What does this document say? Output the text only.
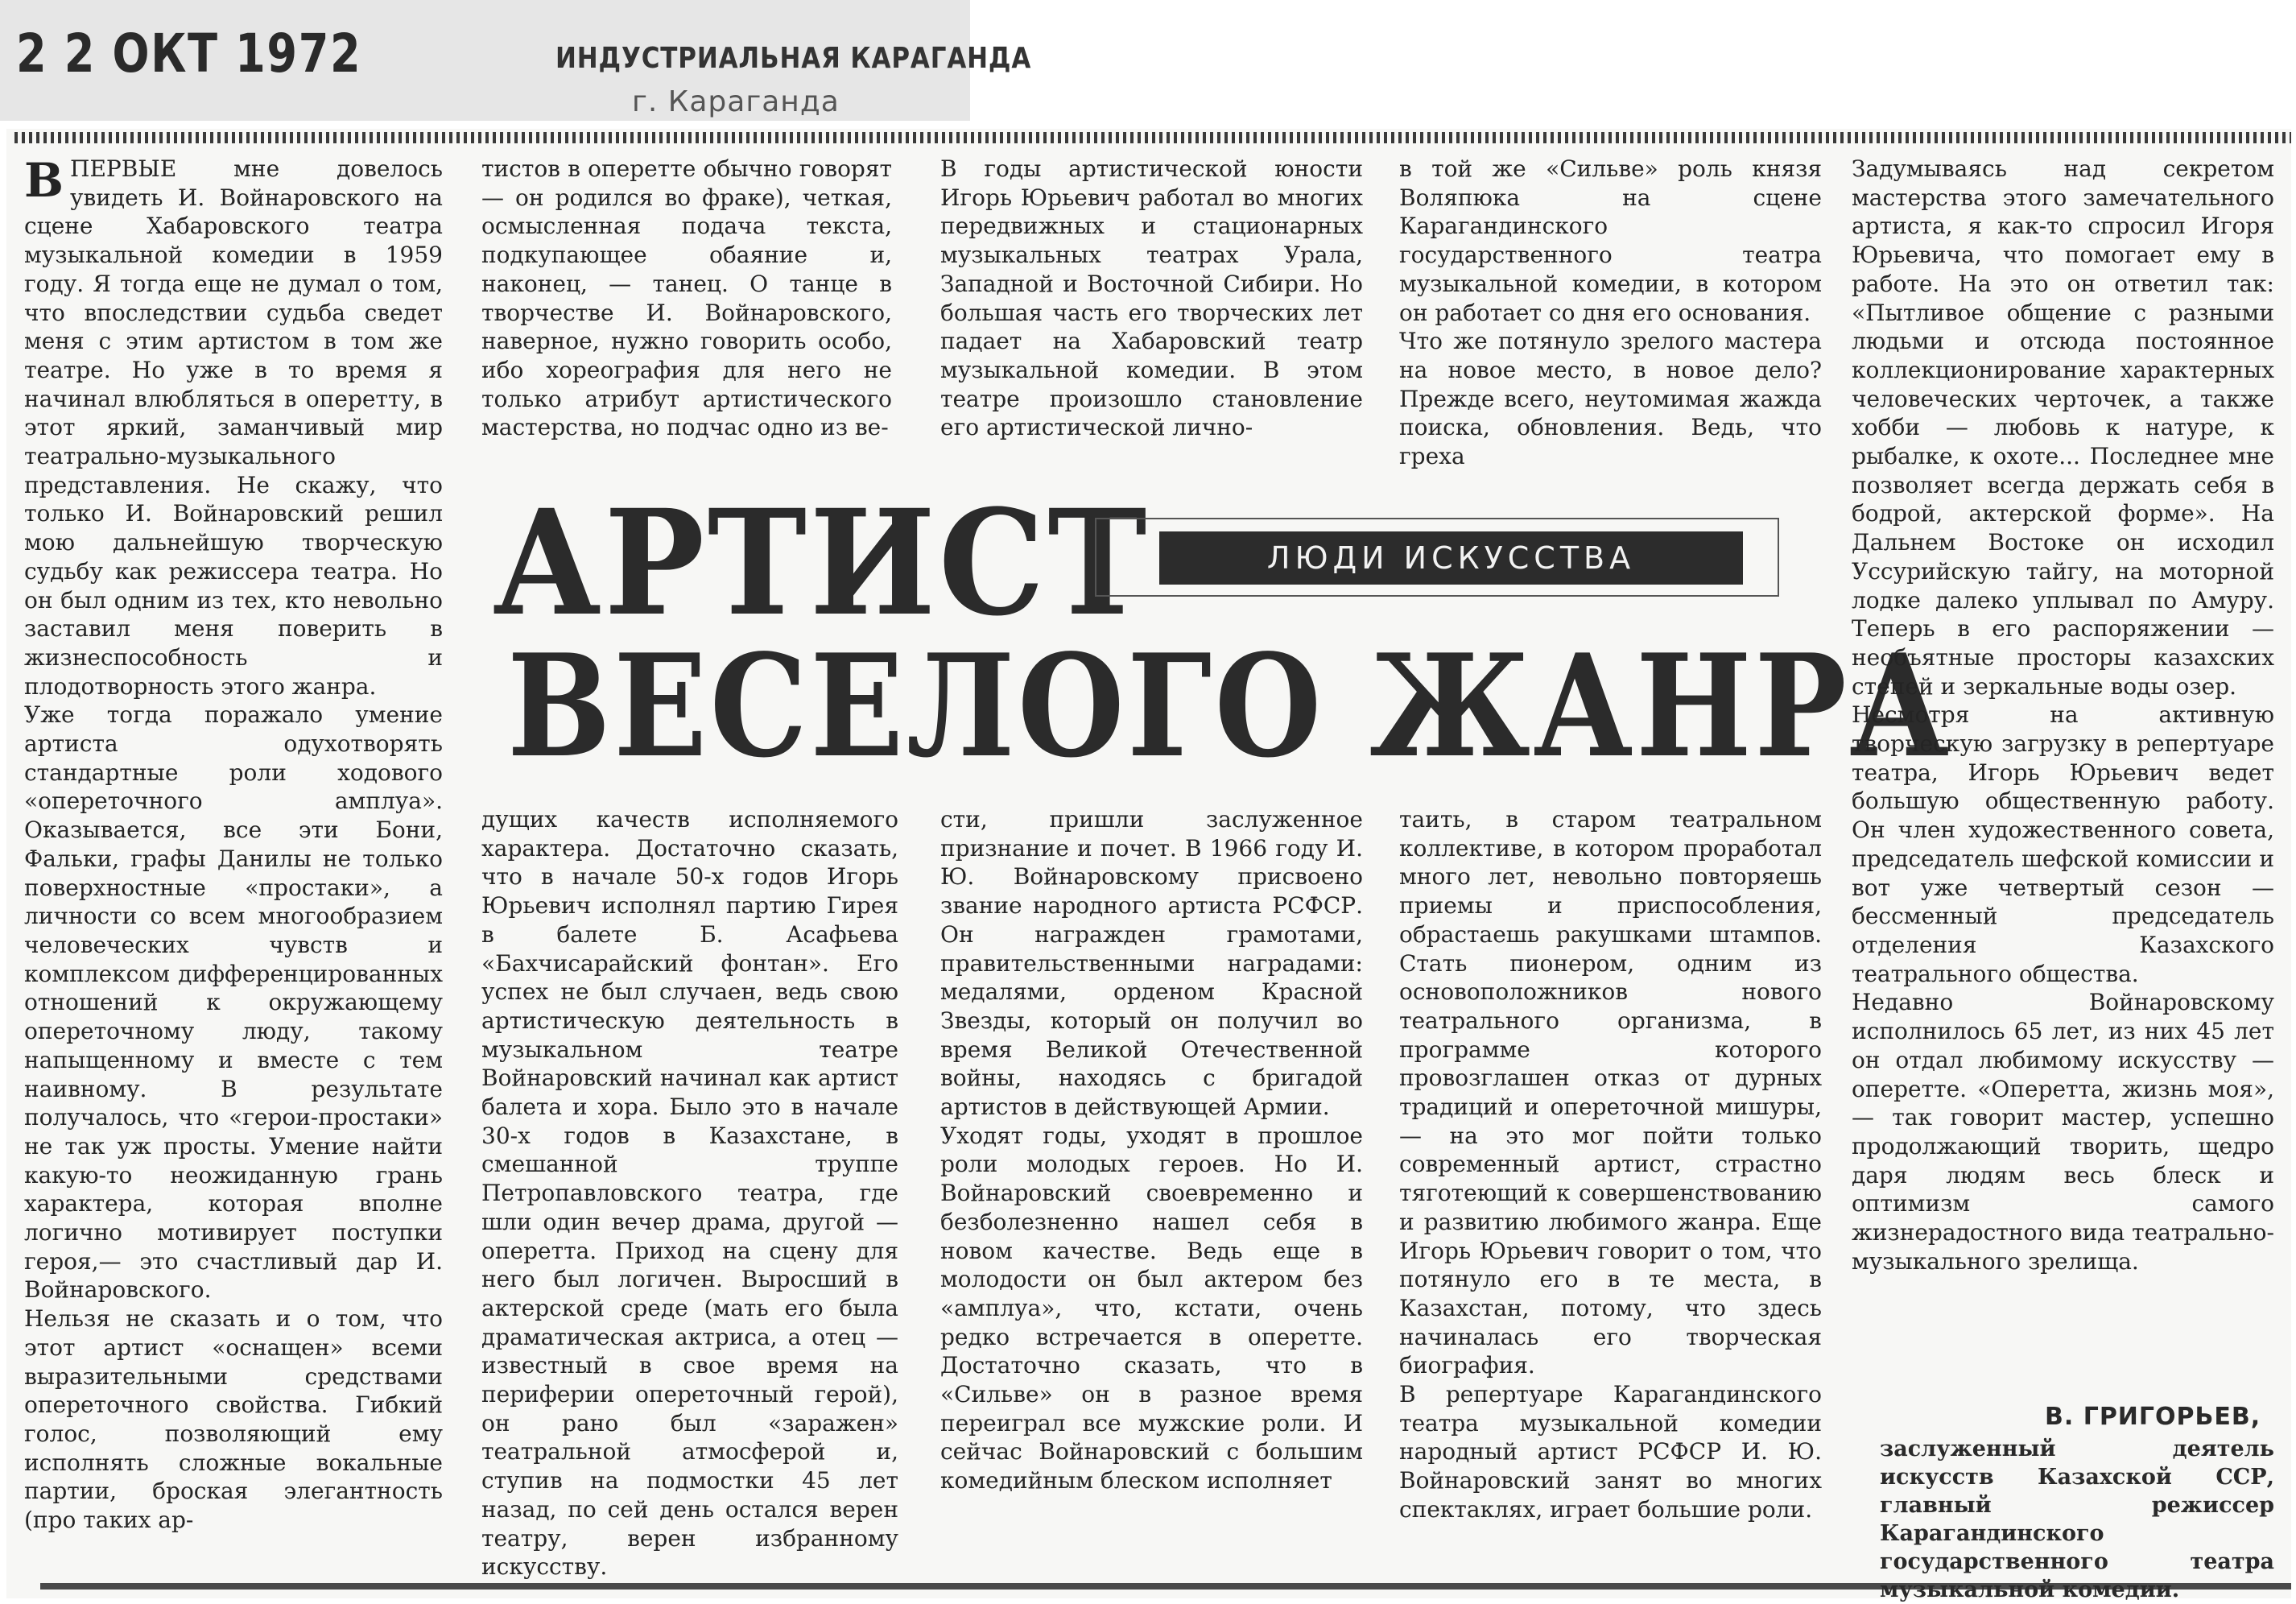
2 2 ОКТ 1972	ИНДУСТРИАЛЬНАЯ КАРАГАНДА
г. Караганда
ВПЕРВЫЕ мне довелось увидеть И. Войнаровского на сцене Хабаровского театра музыкальной комедии в 1959 году. Я тогда еще не думал о том, что впоследствии судьба сведет меня с этим артистом в том же театре. Но уже в то время я начинал влюбляться в оперетту, в этот яркий, заманчивый мир театрально-музыкального представления. Не скажу, что только И. Войнаровский решил мою дальнейшую творческую судьбу как режиссера театра. Но он был одним из тех, кто невольно заставил меня поверить в жизнеспособность и плодотворность этого жанра.
Уже тогда поражало умение артиста одухотворять стандартные роли ходового «опереточного амплуа». Оказывается, все эти Бони, Фальки, графы Данилы не только поверхностные «простаки», а личности со всем многообразием человеческих чувств и комплексом дифференцированных отношений к окружающему опереточному люду, такому напыщенному и вместе с тем наивному. В результате получалось, что «герои-простаки» не так уж просты. Умение найти какую-то неожиданную грань характера, которая вполне логично мотивирует поступки героя,— это счастливый дар И. Войнаровского.
Нельзя не сказать и о том, что этот артист «оснащен» всеми выразительными средствами опереточного свойства. Гибкий голос, позволяющий ему исполнять сложные вокальные партии, броская элегантность (про таких ар-

тистов в оперетте обычно говорят — он родился во фраке), четкая, осмысленная подача текста, подкупающее обаяние и, наконец, — танец. О танце в творчестве И. Войнаровского, наверное, нужно говорить особо, ибо хореография для него не только атрибут артистического мастерства, но подчас одно из ве-

В годы артистической юности Игорь Юрьевич работал во многих передвижных и стационарных музыкальных театрах Урала, Западной и Восточной Сибири. Но большая часть его творческих лет падает на Хабаровский театр музыкальной комедии. В этом театре произошло становление его артистической лично-

в той же «Сильве» роль князя Воляпюка на сцене Карагандинского государственного театра музыкальной комедии, в котором он работает со дня его основания.
Что же потянуло зрелого мастера на новое место, в новое дело? Прежде всего, неутомимая жажда поиска, обновления. Ведь, что греха

АРТИСТ	ЛЮДИ ИСКУССТВА
ВЕСЕЛОГО ЖАНРА

дущих качеств исполняемого характера. Достаточно сказать, что в начале 50-х годов Игорь Юрьевич исполнял партию Гирея в балете Б. Асафьева «Бахчисарайский фонтан». Его успех не был случаен, ведь свою артистическую деятельность в музыкальном театре Войнаровский начинал как артист балета и хора. Было это в начале 30-х годов в Казахстане, в смешанной труппе Петропавловского театра, где шли один вечер драма, другой —оперетта. Приход на сцену для него был логичен. Выросший в актерской среде (мать его была драматическая актриса, а отец — известный в свое время на периферии опереточный герой), он рано был «заражен» театральной атмосферой и, ступив на подмостки 45 лет назад, по сей день остался верен театру, верен избранному искусству.

сти, пришли заслуженное признание и почет. В 1966 году И. Ю. Войнаровскому присвоено звание народного артиста РСФСР. Он награжден грамотами, правительственными наградами: медалями, орденом Красной Звезды, который он получил во время Великой Отечественной войны, находясь с бригадой артистов в действующей Армии.
Уходят годы, уходят в прошлое роли молодых героев. Но И. Войнаровский своевременно и безболезненно нашел себя в новом качестве. Ведь еще в молодости он был актером без «амплуа», что, кстати, очень редко встречается в оперетте. Достаточно сказать, что в «Сильве» он в разное время переиграл все мужские роли. И сейчас Войнаровский с большим комедийным блеском исполняет

таить, в старом театральном коллективе, в котором проработал много лет, невольно повторяешь приемы и приспособления, обрастаешь ракушками штампов. Стать пионером, одним из основоположников нового театрального организма, в программе которого провозглашен отказ от дурных традиций и опереточной мишуры, — на это мог пойти только современный артист, страстно тяготеющий к совершенствованию и развитию любимого жанра. Еще Игорь Юрьевич говорит о том, что потянуло его в те места, в Казахстан, потому, что здесь начиналась его творческая биография.
В репертуаре Карагандинского театра музыкальной комедии народный артист РСФСР И. Ю. Войнаровский занят во многих спектаклях, играет большие роли.

Задумываясь над секретом мастерства этого замечательного артиста, я как-то спросил Игоря Юрьевича, что помогает ему в работе. На это он ответил так: «Пытливое общение с разными людьми и отсюда постоянное коллекционирование характерных человеческих черточек, а также хобби — любовь к натуре, к рыбалке, к охоте... Последнее мне позволяет всегда держать себя в бодрой, актерской форме». На Дальнем Востоке он исходил Уссурийскую тайгу, на моторной лодке далеко уплывал по Амуру. Теперь в его распоряжении — необъятные просторы казахских степей и зеркальные воды озер.
Несмотря на активную творческую загрузку в репертуаре театра, Игорь Юрьевич ведет большую общественную работу. Он член художественного совета, председатель шефской комиссии и вот уже четвертый сезон — бессменный председатель отделения Казахского театрального общества.
Недавно Войнаровскому исполнилось 65 лет, из них 45 лет он отдал любимому искусству — оперетте. «Оперетта, жизнь моя», — так говорит мастер, успешно продолжающий творить, щедро даря людям весь блеск и оптимизм самого жизнерадостного вида театрально-музыкального зрелища.

В. ГРИГОРЬЕВ,

заслуженный деятель искусств Казахской ССР, главный режиссер Карагандинского государственного театра музыкальной комедии.
